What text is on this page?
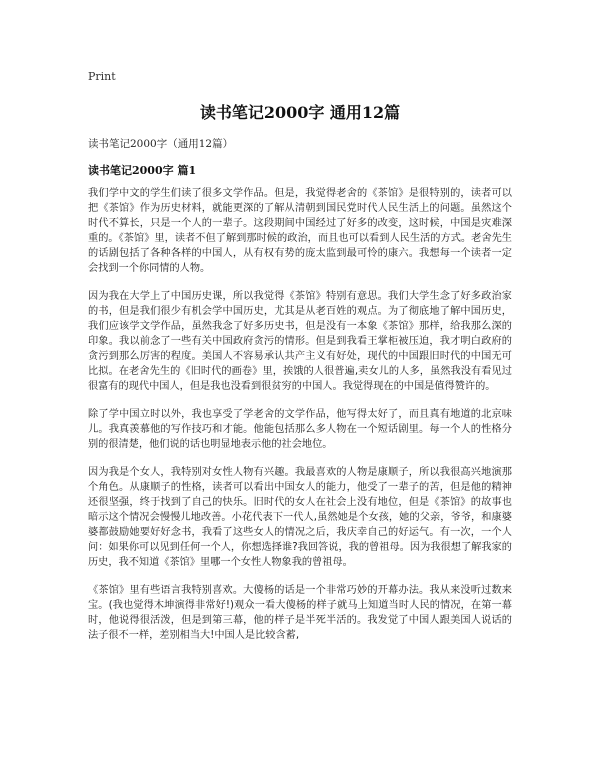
Print
读书笔记2000字 通用12篇
读书笔记2000字（通用12篇）
读书笔记2000字 篇1

我们学中文的学生们读了很多文学作品。但是，我觉得老舍的《茶馆》是很特别的，读者可以把《茶馆》作为历史材料，就能更深的了解从清朝到国民党时代人民生活上的问题。虽然这个时代不算长，只是一个人的一辈子。这段期间中国经过了好多的改变，这时候，中国是灾难深重的。《茶馆》里，读者不但了解到那时候的政治，而且也可以看到人民生活的方式。老舍先生的话剧包括了各种各样的中国人，从有权有势的庞太监到最可怜的康六。我想每一个读者一定会找到一个你同情的人物。

因为我在大学上了中国历史课，所以我觉得《茶馆》特别有意思。我们大学生念了好多政治家的书，但是我们很少有机会学中国历史，尤其是从老百姓的观点。为了彻底地了解中国历史，我们应该学文学作品，虽然我念了好多历史书，但是没有一本象《茶馆》那样，给我那么深的印象。我以前念了一些有关中国政府贪污的情形。但是到我看王掌柜被压迫，我才明白政府的贪污到那么厉害的程度。美国人不容易承认共产主义有好处，现代的中国跟旧时代的中国无可比拟。在老舍先生的《旧时代的画卷》里，挨饿的人很普遍,卖女儿的人多，虽然我没有看见过很富有的现代中国人，但是我也没看到很贫穷的中国人。我觉得现在的中国是值得赞许的。

除了学中国立时以外，我也享受了学老舍的文学作品，他写得太好了，而且真有地道的北京味儿。我真羡慕他的写作技巧和才能。他能包括那么多人物在一个短话剧里。每一个人的性格分别的很清楚，他们说的话也明显地表示他的社会地位。

因为我是个女人，我特别对女性人物有兴趣。我最喜欢的人物是康顺子，所以我很高兴地演那个角色。从康顺子的性格，读者可以看出中国女人的能力，他受了一辈子的苦，但是他的精神还很坚强，终于找到了自己的快乐。旧时代的女人在社会上没有地位，但是《茶馆》的故事也暗示这个情况会慢慢儿地改善。小花代表下一代人,虽然她是个女孩，她的父亲，爷爷，和康婆婆都鼓励她要好好念书，我看了这些女人的情况之后，我庆幸自己的好运气。有一次，一个人问：如果你可以见到任何一个人，你想选择谁?我回答说，我的曾祖母。因为我很想了解我家的历史，我不知道《茶馆》里哪一个女性人物象我的曾祖母。

《茶馆》里有些语言我特别喜欢。大傻杨的话是一个非常巧妙的开幕办法。我从来没听过数来宝。(我也觉得木坤演得非常好!)观众一看大傻杨的样子就马上知道当时人民的情况，在第一幕时，他说得很活泼，但是到第三幕，他的样子是半死半活的。我发觉了中国人跟美国人说话的法子很不一样，差别相当大!中国人是比较含蓄,
